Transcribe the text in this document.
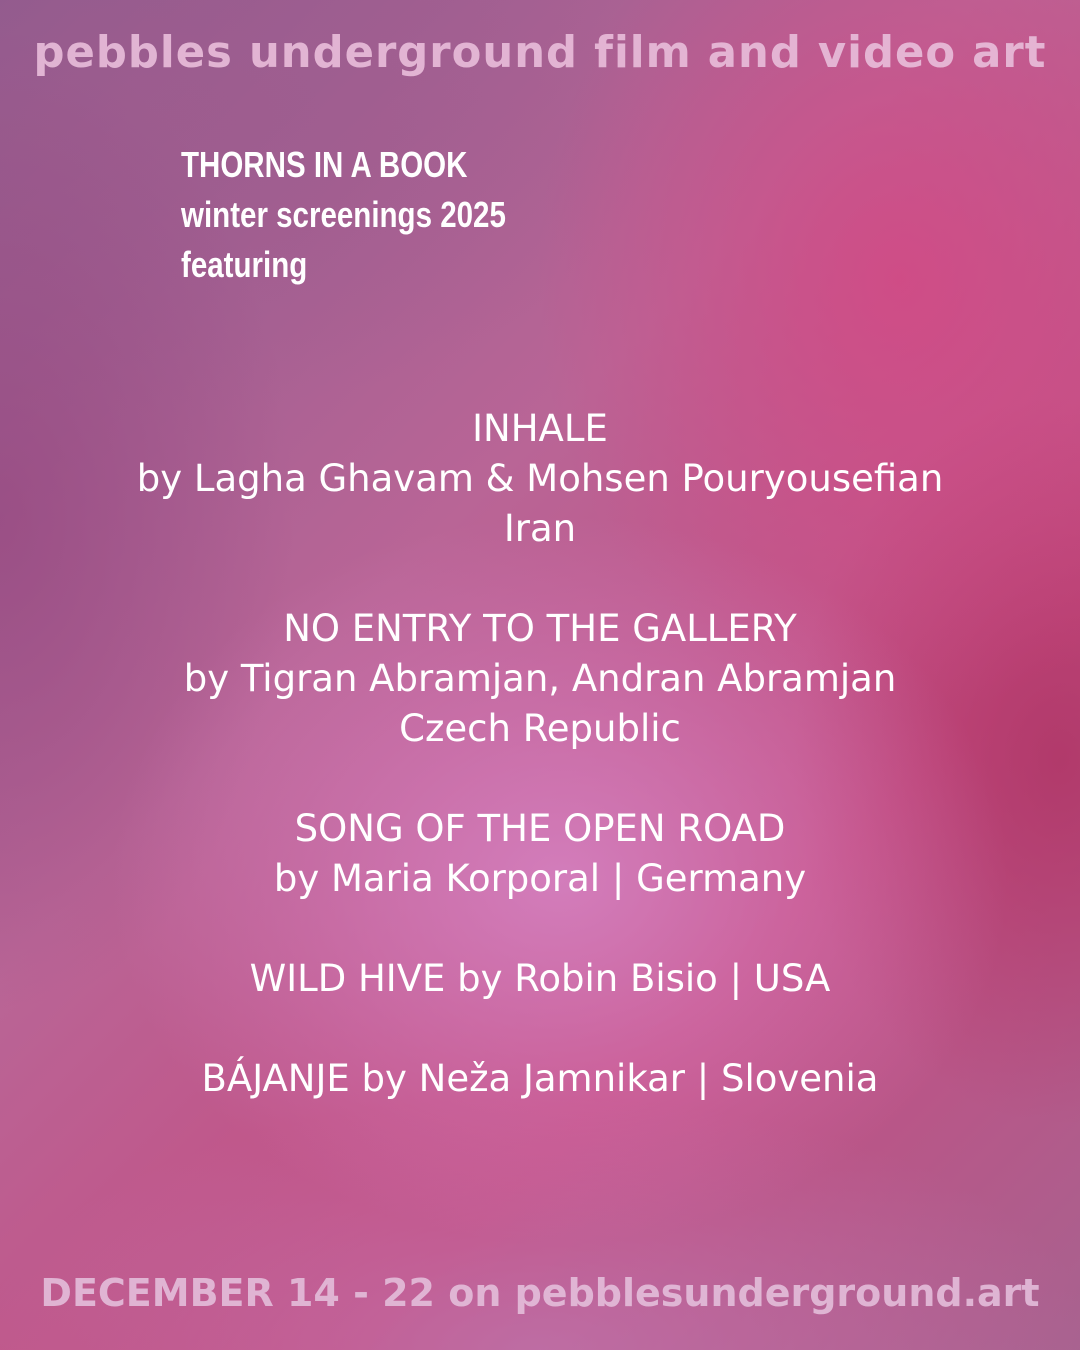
pebbles underground film and video art
THORNS IN A BOOK
winter screenings 2025
featuring
INHALE
by Lagha Ghavam & Mohsen Pouryousefian
Iran
NO ENTRY TO THE GALLERY
by Tigran Abramjan, Andran Abramjan
Czech Republic
SONG OF THE OPEN ROAD
by Maria Korporal | Germany
WILD HIVE by Robin Bisio | USA
BÁJANJE by Neža Jamnikar | Slovenia
DECEMBER 14 - 22 on pebblesunderground.art
